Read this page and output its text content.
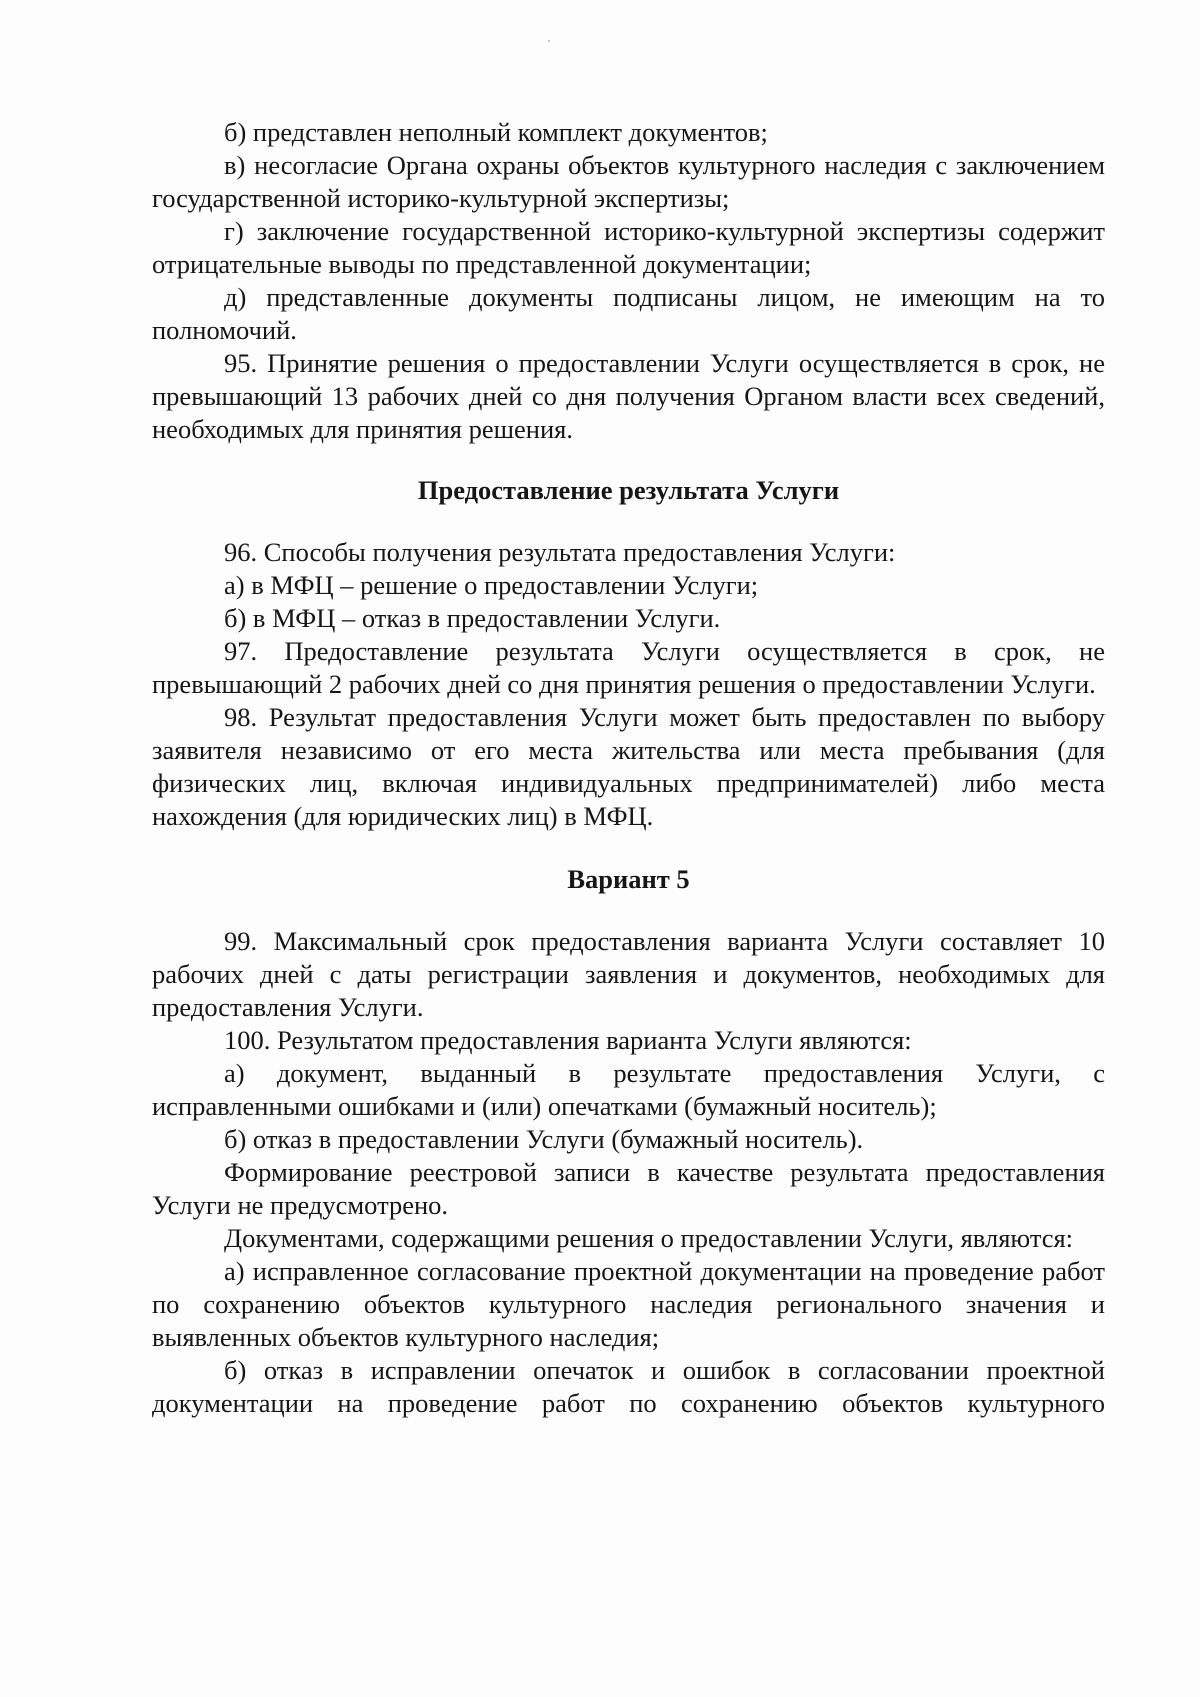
б) представлен неполный комплект документов;

в) несогласие Органа охраны объектов культурного наследия с заключением государственной историко-культурной экспертизы;

г) заключение государственной историко-культурной экспертизы содержит отрицательные выводы по представленной документации;

д) представленные документы подписаны лицом, не имеющим на то полномочий.

95. Принятие решения о предоставлении Услуги осуществляется в срок, не превышающий 13 рабочих дней со дня получения Органом власти всех сведений, необходимых для принятия решения.

Предоставление результата Услуги

96. Способы получения результата предоставления Услуги:

а) в МФЦ – решение о предоставлении Услуги;

б) в МФЦ – отказ в предоставлении Услуги.

97. Предоставление результата Услуги осуществляется в срок, не превышающий 2 рабочих дней со дня принятия решения о предоставлении Услуги.

98. Результат предоставления Услуги может быть предоставлен по выбору заявителя независимо от его места жительства или места пребывания (для физических лиц, включая индивидуальных предпринимателей) либо места нахождения (для юридических лиц) в МФЦ.

Вариант 5

99. Максимальный срок предоставления варианта Услуги составляет 10 рабочих дней с даты регистрации заявления и документов, необходимых для предоставления Услуги.

100. Результатом предоставления варианта Услуги являются:

а) документ, выданный в результате предоставления Услуги, с исправленными ошибками и (или) опечатками (бумажный носитель);

б) отказ в предоставлении Услуги (бумажный носитель).

Формирование реестровой записи в качестве результата предоставления Услуги не предусмотрено.

Документами, содержащими решения о предоставлении Услуги, являются:

а) исправленное согласование проектной документации на проведение работ по сохранению объектов культурного наследия регионального значения и выявленных объектов культурного наследия;

б) отказ в исправлении опечаток и ошибок в согласовании проектной документации на проведение работ по сохранению объектов культурного
